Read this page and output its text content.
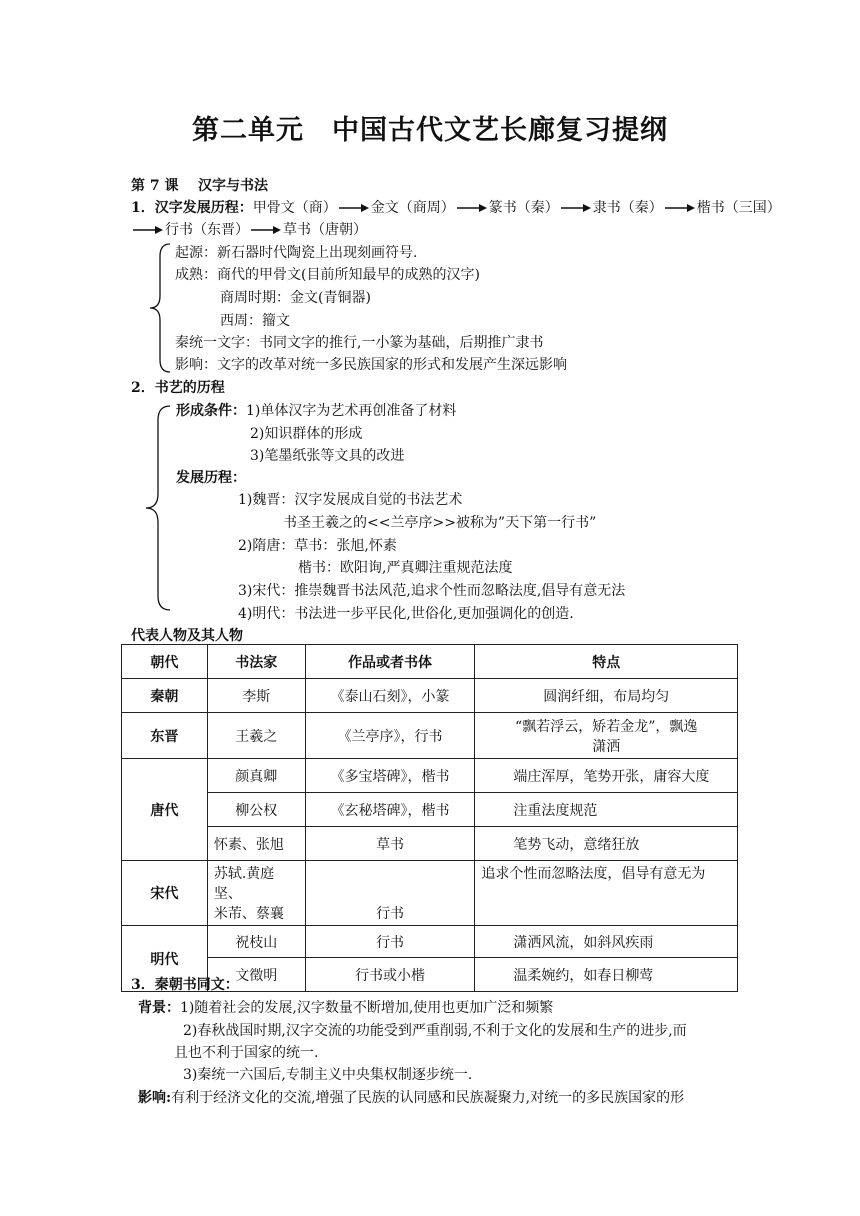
第二单元　中国古代文艺长廊复习提纲
第 7 课 汉字与书法
1．汉字发展历程：甲骨文（商） 金文（商周） 篆书（秦） 隶书（秦） 楷书（三国）
行书（东晋） 草书（唐朝）
起源：新石器时代陶瓷上出现刻画符号.
成熟：商代的甲骨文(目前所知最早的成熟的汉字)
商周时期：金文(青铜器)
西周：籀文
秦统一文字：书同文字的推行,一小篆为基础，后期推广隶书
影响：文字的改革对统一多民族国家的形式和发展产生深远影响
2．书艺的历程
形成条件：1)单体汉字为艺术再创准备了材料
2)知识群体的形成
3)笔墨纸张等文具的改进
发展历程：
1)魏晋：汉字发展成自觉的书法艺术
书圣王羲之的<<兰亭序>>被称为”天下第一行书”
2)隋唐：草书：张旭,怀素
楷书：欧阳询,严真卿注重规范法度
3)宋代：推崇魏晋书法风范,追求个性而忽略法度,倡导有意无法
4)明代：书法进一步平民化,世俗化,更加强调化的创造.
代表人物及其人物
朝代	书法家	作品或者书体	特点
秦朝	李斯	《泰山石刻》，小篆	圆润纤细，布局均匀
东晋	王羲之	《兰亭序》，行书	“飘若浮云，矫若金龙”，飘逸
潇洒

唐代	颜真卿	《多宝塔碑》，楷书	端庄浑厚，笔势开张，庸容大度
	柳公权	《玄秘塔碑》，楷书	注重法度规范
	怀素、张旭	草书	笔势飞动，意绪狂放
宋代	苏轼.黄庭坚、
米芾、蔡襄	行书	追求个性而忽略法度，倡导有意无为
明代	祝枝山	行书	潇洒风流，如斜风疾雨
	文徵明	行书或小楷	温柔婉约，如春日柳莺
3．秦朝书同文：
背景：1)随着社会的发展,汉字数量不断增加,使用也更加广泛和频繁
2)春秋战国时期,汉字交流的功能受到严重削弱,不利于文化的发展和生产的进步,而
且也不利于国家的统一.
3)秦统一六国后,专制主义中央集权制逐步统一.
影响:有利于经济文化的交流,增强了民族的认同感和民族凝聚力,对统一的多民族国家的形
